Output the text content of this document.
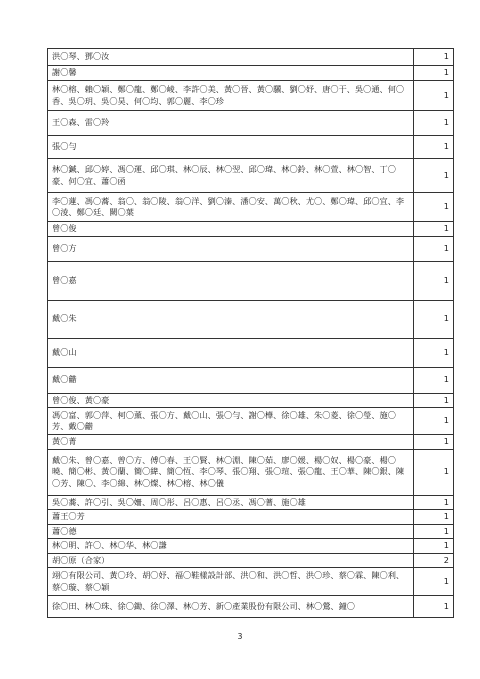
洪〇琴、鄧〇汝	1
謝〇馨	1
林〇榕、賴〇穎、鄭〇龍、鄭〇崚、李許〇美、黃〇晉、黃〇驥、劉〇妤、唐〇于、吳〇通、何〇香、吳〇玥、吳〇昊、何〇均、郭〇麗、李〇珍	1
王〇森、雷〇羚	1
張〇勻	1
林〇鍼、邱〇婷、馮〇運、邱〇琪、林〇辰、林〇翌、邱〇瑋、林〇鈴、林〇萱、林〇智、丁〇豪、何〇宜、蕭〇函	1
李〇蓮、馮〇蕎、翁〇、翁〇陵、翁〇洋、劉〇溱、潘〇安、萬〇秋、尤〇、鄭〇瑋、邱〇宜、李〇淩、鄭〇廷、闕〇葉	1
曾〇俊	1
曾〇方	1
曾〇嘉	1
戴〇朱	1
戴〇山	1
戴〇龤	1
曾〇俊、黃〇豪	1
馮〇富、郭〇萍、柯〇薰、張〇方、戴〇山、張〇勻、謝〇樺、徐〇雄、朱〇菱、徐〇瑩、施〇芳、戴〇龤	1
黃〇菁	1
戴〇朱、曾〇嘉、曾〇方、傅〇春、王〇賢、林〇淵、陳〇茹、廖〇媛、楊〇奴、楊〇豪、楊〇曉、簡〇彬、黃〇蘭、簡〇緯、簡〇恆、李〇琴、張〇翔、張〇瑄、張〇龍、王〇華、陳〇銀、陳〇芳、陳〇、李〇綿、林〇燦、林〇榕、林〇儀	1
吳〇蕎、許〇引、吳〇姍、周〇彤、呂〇惠、呂〇丞、馮〇蓍、施〇雄	1
蕭王〇芳	1
蕭〇德	1
林〇明、許〇、林〇华、林〇謙	1
胡〇原（合家）	2
翊〇有限公司、黃〇玲、胡〇妤、福〇鞋樣設計部、洪〇和、洪〇哲、洪〇珍、蔡〇霖、陳〇利、蔡〇璇、蔡〇穎	1
徐〇田、林〇珠、徐〇鋤、徐〇澤、林〇芳、新〇產業股份有限公司、林〇鶯、鐘〇	1
3
